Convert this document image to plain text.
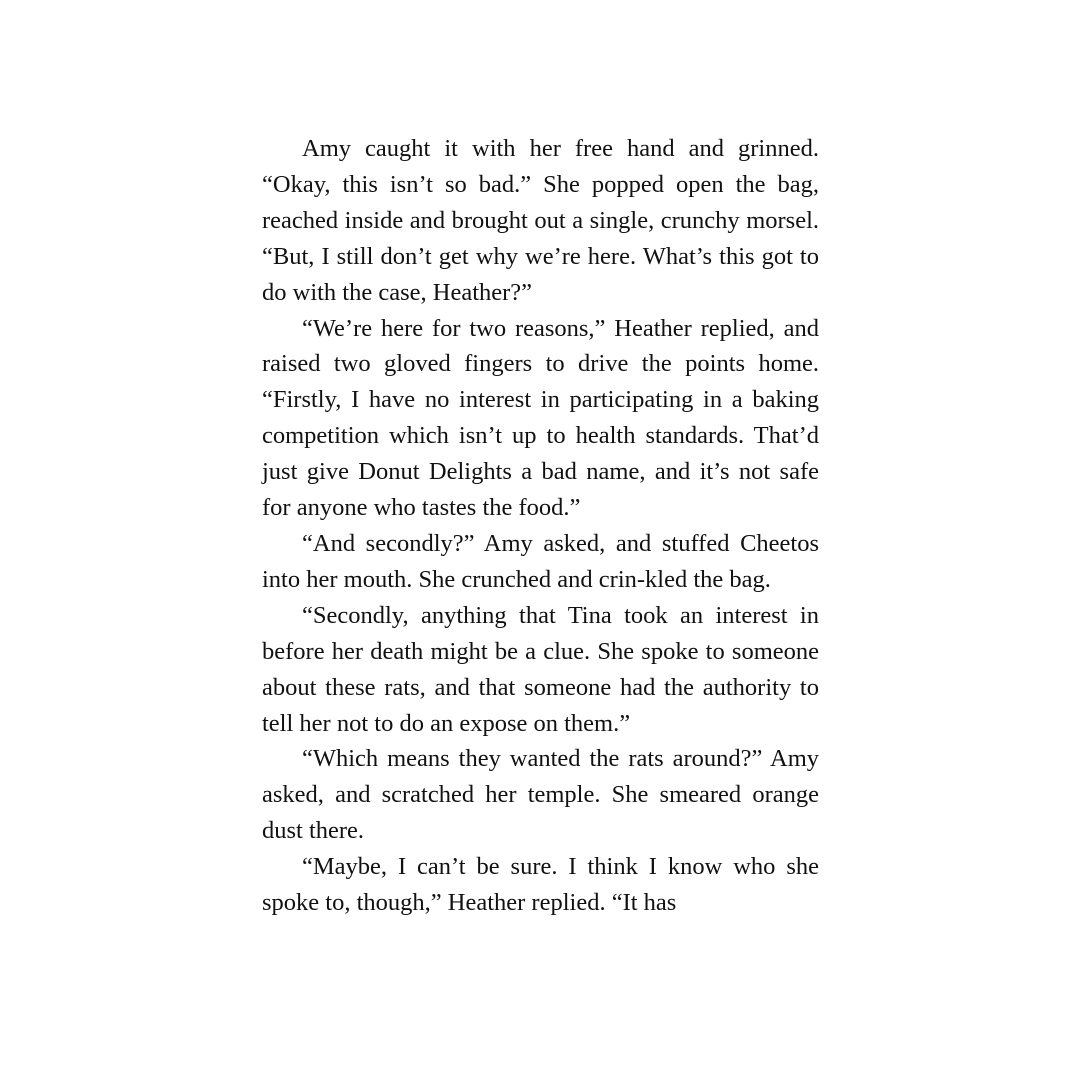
Amy caught it with her free hand and grinned. “Okay, this isn’t so bad.” She popped open the bag, reached inside and brought out a single, crunchy morsel. “But, I still don’t get why we’re here. What’s this got to do with the case, Heather?”

“We’re here for two reasons,” Heather replied, and raised two gloved fingers to drive the points home. “Firstly, I have no interest in participating in a baking competition which isn’t up to health standards. That’d just give Donut Delights a bad name, and it’s not safe for anyone who tastes the food.”

“And secondly?” Amy asked, and stuffed Cheetos into her mouth. She crunched and crin-kled the bag.

“Secondly, anything that Tina took an interest in before her death might be a clue. She spoke to someone about these rats, and that someone had the authority to tell her not to do an expose on them.”

“Which means they wanted the rats around?” Amy asked, and scratched her temple. She smeared orange dust there.

“Maybe, I can’t be sure. I think I know who she spoke to, though,” Heather replied. “It has
